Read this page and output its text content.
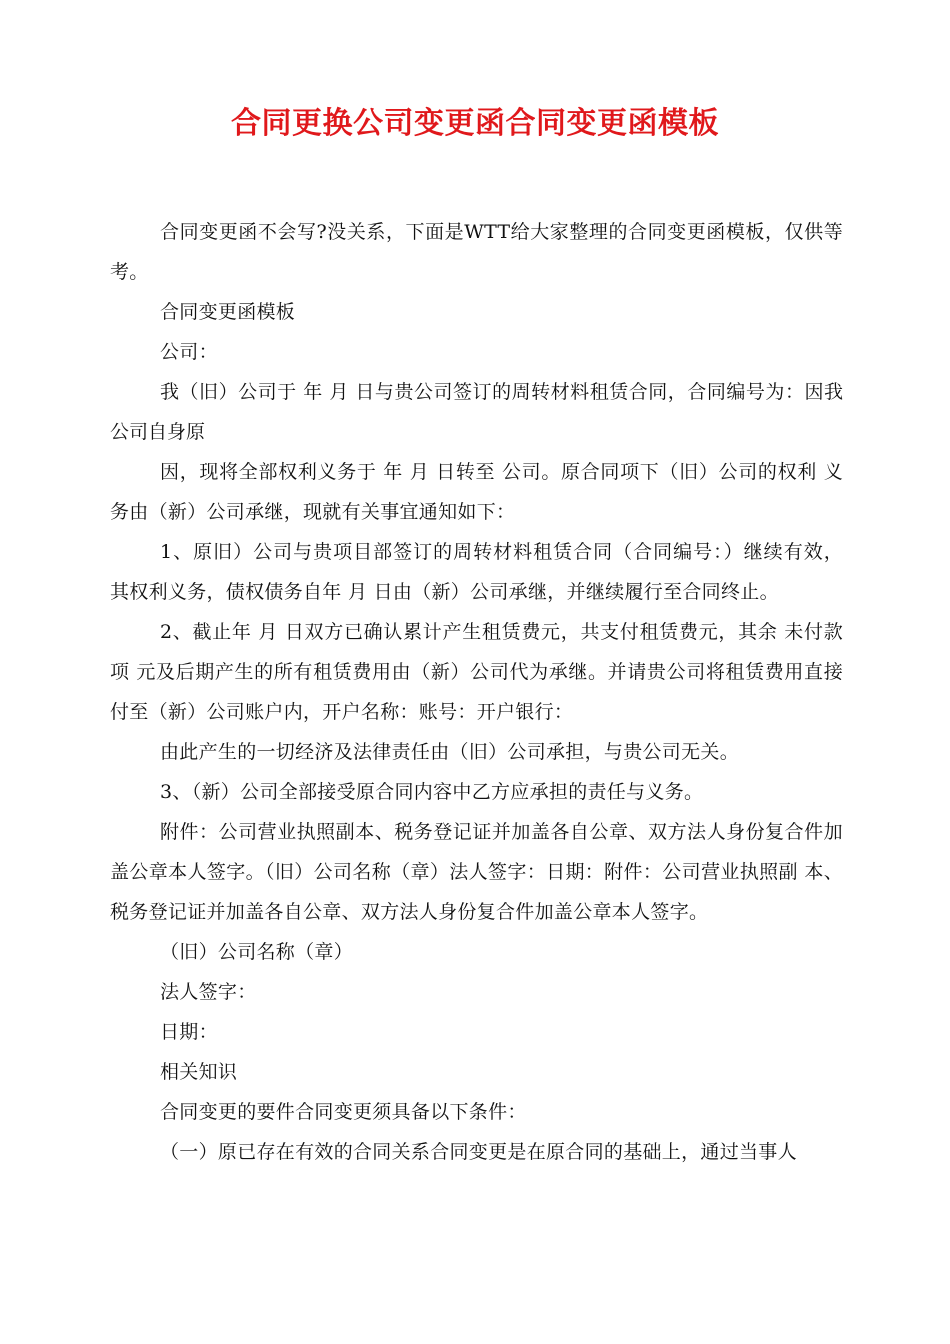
合同更换公司变更函合同变更函模板

合同变更函不会写?没关系，下面是WTT给大家整理的合同变更函模板，仅供等考。

合同变更函模板

公司：

我（旧）公司于 年 月 日与贵公司签订的周转材料租赁合同，合同编号为：因我公司自身原

因，现将全部权利义务于 年 月 日转至 公司。原合同项下（旧）公司的权利 义务由（新）公司承继，现就有关事宜通知如下：

1、原旧）公司与贵项目部签订的周转材料租赁合同（合同编号：）继续有效， 其权利义务，债权债务自年 月 日由（新）公司承继，并继续履行至合同终止。

2、截止年 月 日双方已确认累计产生租赁费元，共支付租赁费元，其余 未付款项 元及后期产生的所有租赁费用由（新）公司代为承继。并请贵公司将租赁费用直接付至（新）公司账户内，开户名称：账号：开户银行：

由此产生的一切经济及法律责任由（旧）公司承担，与贵公司无关。

3、（新）公司全部接受原合同内容中乙方应承担的责任与义务。

附件：公司营业执照副本、税务登记证并加盖各自公章、双方法人身份复合件加盖公章本人签字。（旧）公司名称（章）法人签字：日期：附件：公司营业执照副 本、税务登记证并加盖各自公章、双方法人身份复合件加盖公章本人签字。

（旧）公司名称（章）

法人签字：

日期：

相关知识

合同变更的要件合同变更须具备以下条件：

（一）原已存在有效的合同关系合同变更是在原合同的基础上，通过当事人
